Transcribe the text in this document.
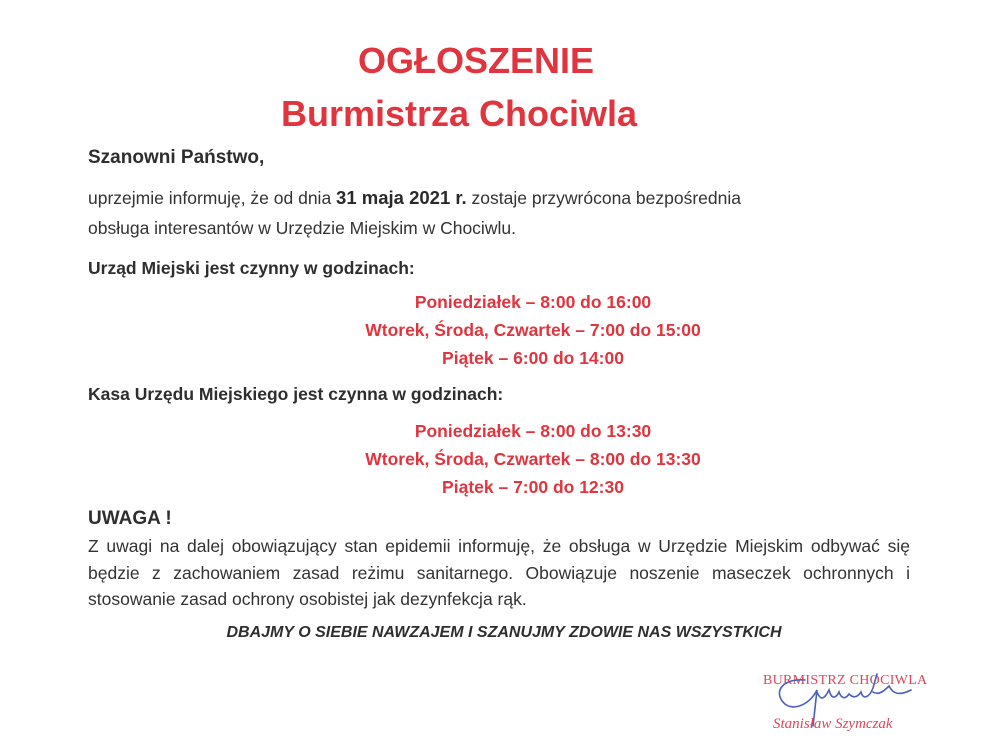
OGŁOSZENIE
Burmistrza Chociwla
Szanowni Państwo,
uprzejmie informuję, że od dnia 31 maja 2021 r. zostaje przywrócona bezpośrednia
obsługa interesantów w Urzędzie Miejskim w Chociwlu.
Urząd Miejski jest czynny w godzinach:
Poniedziałek – 8:00 do 16:00
Wtorek, Środa, Czwartek – 7:00 do 15:00
Piątek – 6:00 do 14:00
Kasa Urzędu Miejskiego jest czynna w godzinach:
Poniedziałek – 8:00 do 13:30
Wtorek, Środa, Czwartek – 8:00 do 13:30
Piątek – 7:00 do 12:30
UWAGA !
Z uwagi na dalej obowiązujący stan epidemii informuję, że obsługa w Urzędzie Miejskim odbywać się będzie z zachowaniem zasad reżimu sanitarnego. Obowiązuje noszenie maseczek ochronnych i stosowanie zasad ochrony osobistej jak dezynfekcja rąk.
DBAJMY O SIEBIE NAWZAJEM I SZANUJMY ZDOWIE NAS WSZYSTKICH
BURMISTRZ CHOCIWLA
Stanisław Szymczak
